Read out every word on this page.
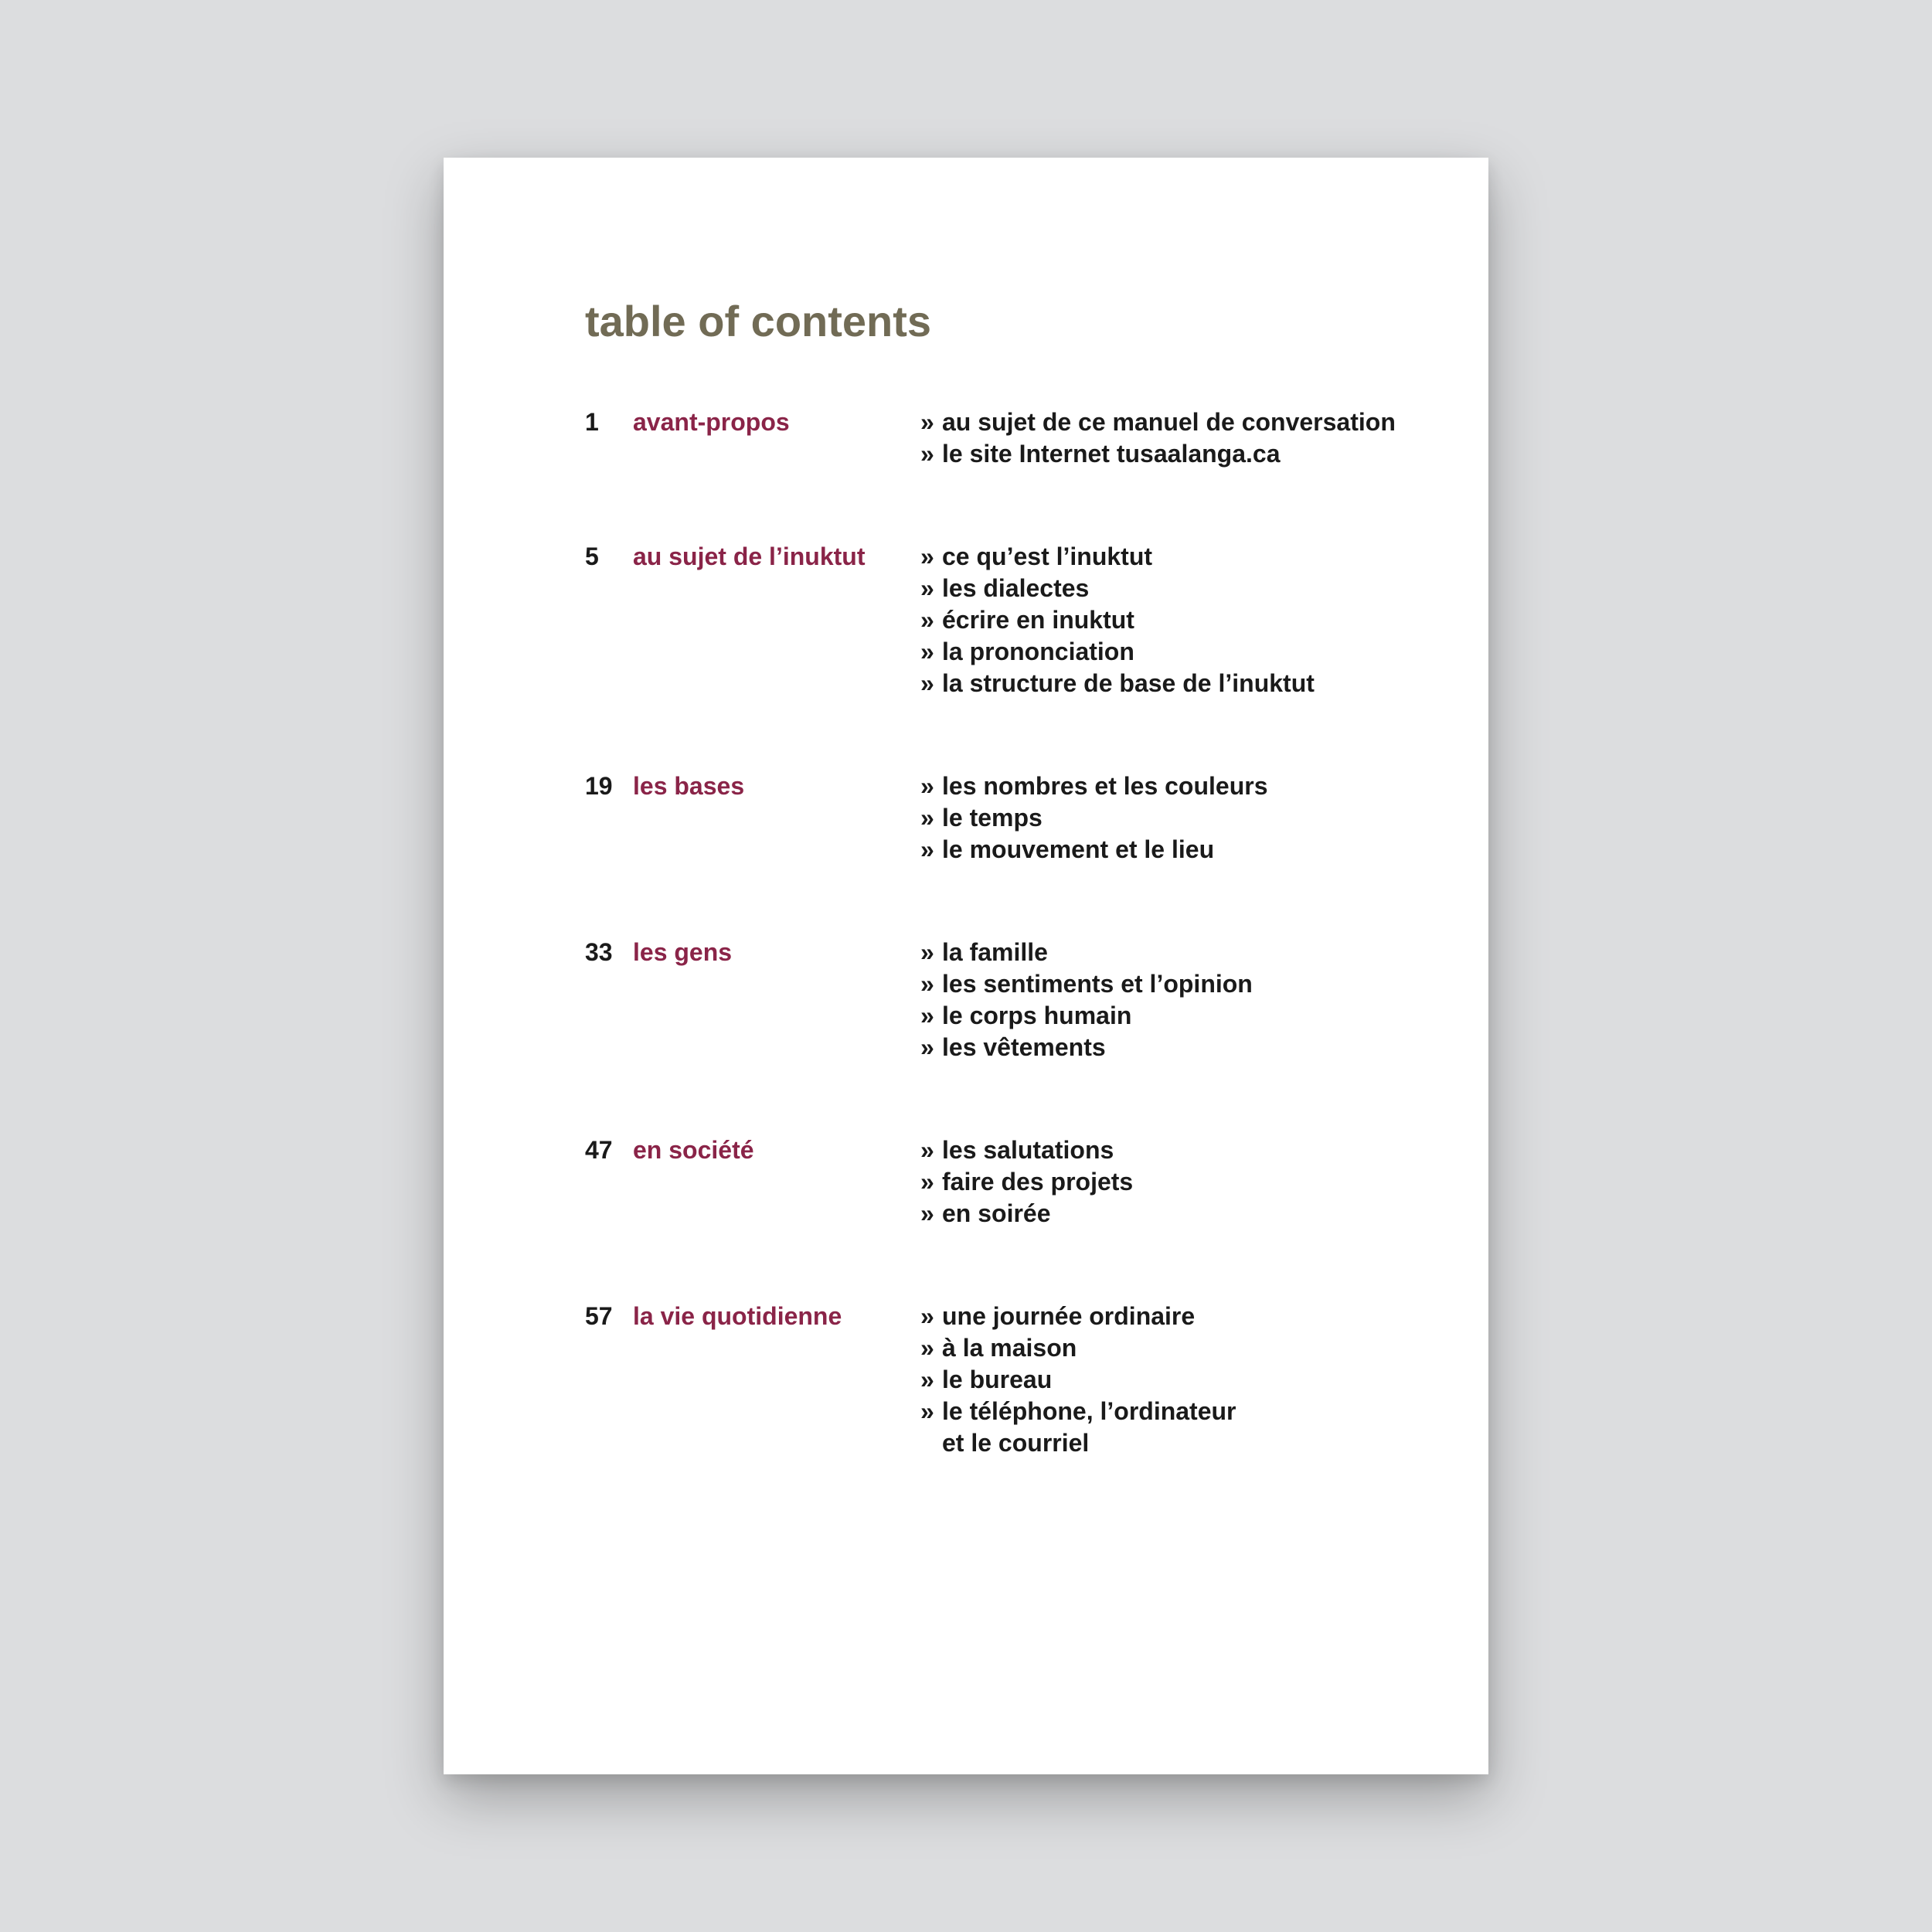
table of contents
1	avant-propos	» au sujet de ce manuel de conversation
» le site Internet tusaalanga.ca
5	au sujet de l’inuktut	» ce qu’est l’inuktut
» les dialectes
» écrire en inuktut
» la prononciation
» la structure de base de l’inuktut
19 les bases	» les nombres et les couleurs
» le temps
» le mouvement et le lieu
33 les gens	» la famille
» les sentiments et l’opinion
» le corps humain
» les vêtements
47 en société	» les salutations
» faire des projets
» en soirée
57 la vie quotidienne	» une journée ordinaire
» à la maison
» le bureau
» le téléphone, l’ordinateur
et le courriel
